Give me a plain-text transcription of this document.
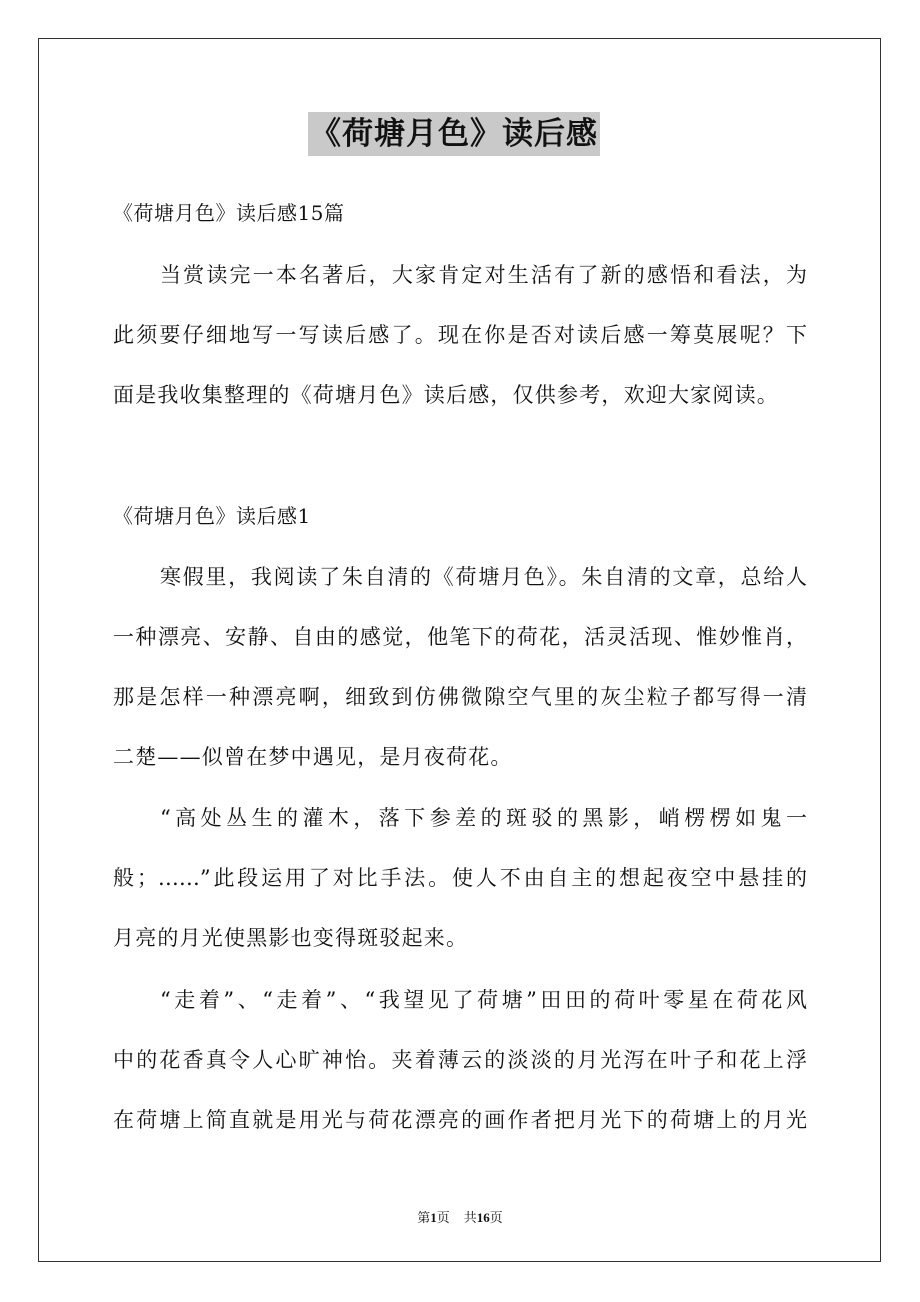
《荷塘月色》读后感
《荷塘月色》读后感15篇
当赏读完一本名著后，大家肯定对生活有了新的感悟和看法，为
此须要仔细地写一写读后感了。现在你是否对读后感一筹莫展呢？下
面是我收集整理的《荷塘月色》读后感，仅供参考，欢迎大家阅读。
《荷塘月色》读后感1
寒假里，我阅读了朱自清的《荷塘月色》。朱自清的文章，总给人
一种漂亮、安静、自由的感觉，他笔下的荷花，活灵活现、惟妙惟肖，
那是怎样一种漂亮啊，细致到仿佛微隙空气里的灰尘粒子都写得一清
二楚——似曾在梦中遇见，是月夜荷花。
“高处丛生的灌木，落下参差的斑驳的黑影，峭楞楞如鬼一
般；……”此段运用了对比手法。使人不由自主的想起夜空中悬挂的
月亮的月光使黑影也变得斑驳起来。
“走着”、“走着”、“我望见了荷塘”田田的荷叶零星在荷花风
中的花香真令人心旷神怡。夹着薄云的淡淡的月光泻在叶子和花上浮
在荷塘上简直就是用光与荷花漂亮的画作者把月光下的荷塘上的月光
第1页 共16页
